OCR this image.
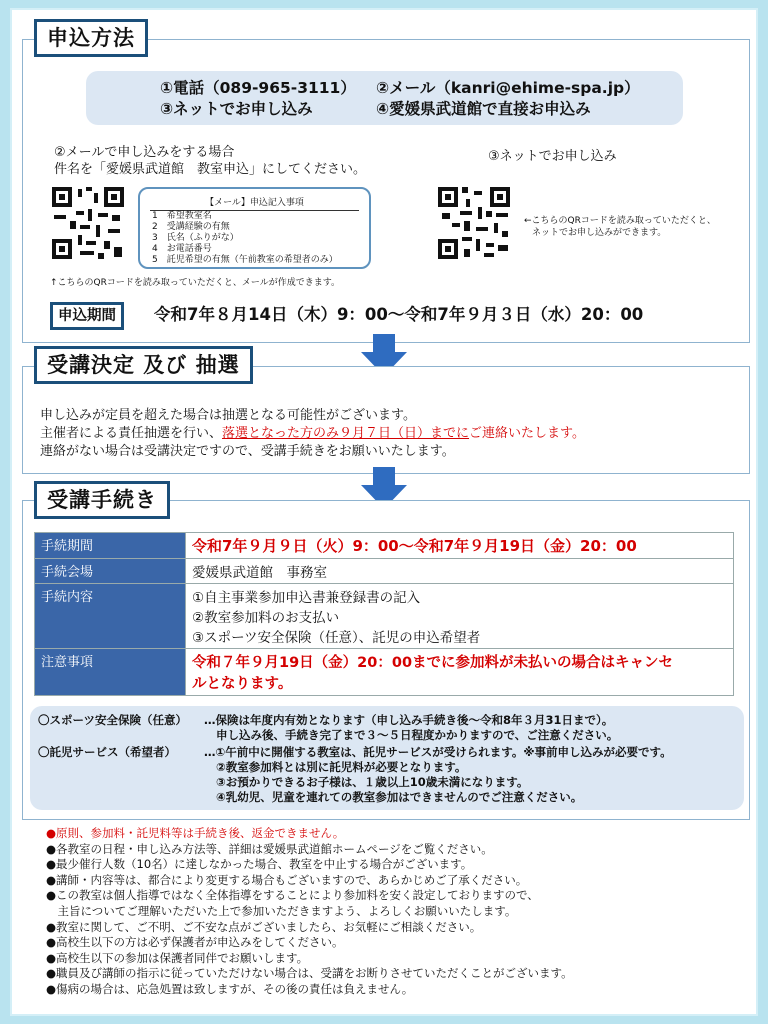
申込方法
①電話（089-965-3111） ②メール（kanri@ehime-spa.jp）
③ネットでお申し込み	④愛媛県武道館で直接お申込み
②メールで申し込みをする場合
件名を「愛媛県武道館　教室申込」にしてください。
③ネットでお申し込み
【メール】申込記入事項
1　希望教室名
2　受講経験の有無
3　氏名（ふりがな）
4　お電話番号
5　託児希望の有無（午前教室の希望者のみ）
↑こちらのQRコードを読み取っていただくと、メールが作成できます。
←こちらのQRコードを読み取っていただくと、
ネットでお申し込みができます。
申込期間	令和7年８月14日（木）9：00～令和7年９月３日（水）20：00
受講決定 及び 抽選
申し込みが定員を超えた場合は抽選となる可能性がございます。
主催者による責任抽選を行い、落選となった方のみ９月７日（日）までにご連絡いたします。
連絡がない場合は受講決定ですので、受講手続きをお願いいたします。
受講手続き
手続期間	令和7年９月９日（火）9：00～令和7年９月19日（金）20：00
手続会場	愛媛県武道館　事務室
手続内容	①自主事業参加申込書兼登録書の記入
②教室参加料のお支払い
③スポーツ安全保険（任意）、託児の申込希望者

注意事項	令和７年９月19日（金）20：00までに参加料が未払いの場合はキャンセ
ルとなります。
〇スポーツ安全保険（任意） …保険は年度内有効となります（申し込み手続き後～令和8年３月31日まで）。
申し込み後、手続き完了まで３～５日程度かかりますので、ご注意ください。
〇託児サービス（希望者） …①午前中に開催する教室は、託児サービスが受けられます。※事前申し込みが必要です。
②教室参加料とは別に託児料が必要となります。
③お預かりできるお子様は、１歳以上10歳未満になります。
④乳幼児、児童を連れての教室参加はできませんのでご注意ください。
●原則、参加料・託児料等は手続き後、返金できません。
●各教室の日程・申し込み方法等、詳細は愛媛県武道館ホームページをご覧ください。
●最少催行人数（10名）に達しなかった場合、教室を中止する場合がございます。
●講師・内容等は、都合により変更する場合もございますので、あらかじめご了承ください。
●この教室は個人指導ではなく全体指導をすることにより参加料を安く設定しておりますので、
　主旨についてご理解いただいた上で参加いただきますよう、よろしくお願いいたします。
●教室に関して、ご不明、ご不安な点がございましたら、お気軽にご相談ください。
●高校生以下の方は必ず保護者が申込みをしてください。
●高校生以下の参加は保護者同伴でお願いします。
●職員及び講師の指示に従っていただけない場合は、受講をお断りさせていただくことがございます。
●傷病の場合は、応急処置は致しますが、その後の責任は負えません。
